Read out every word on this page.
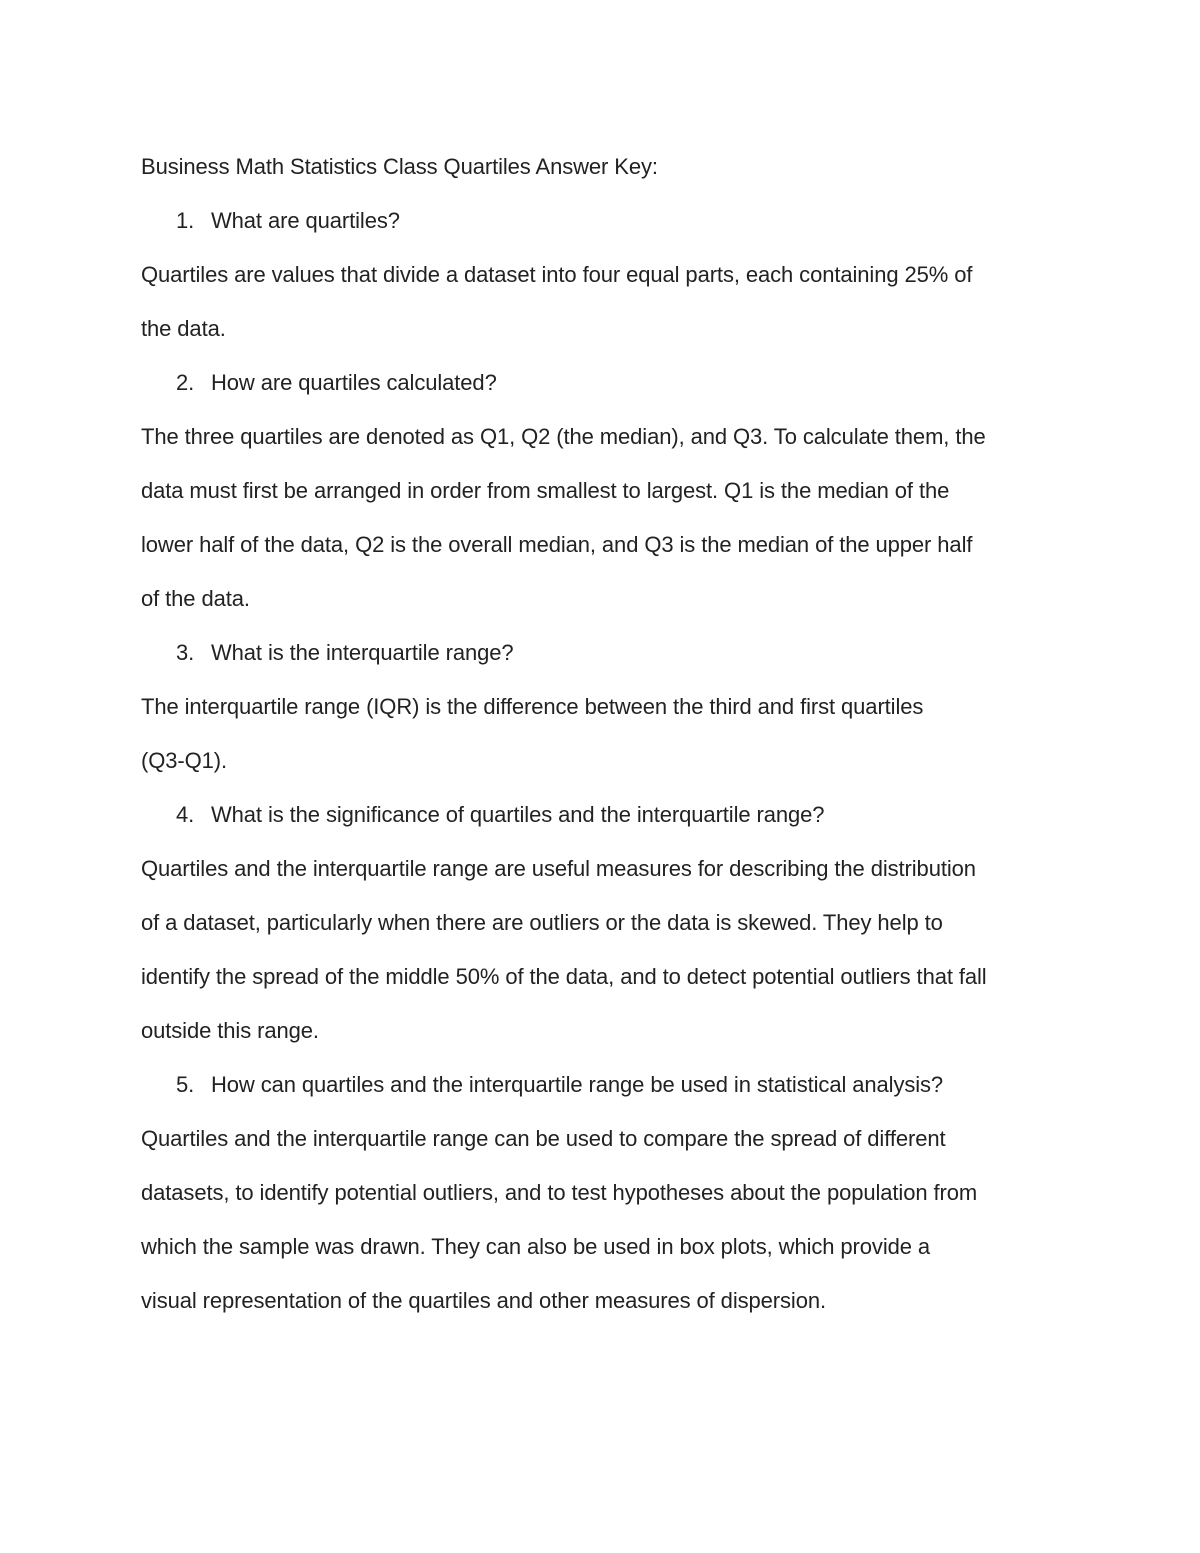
Business Math Statistics Class Quartiles Answer Key:
1. What are quartiles?
Quartiles are values that divide a dataset into four equal parts, each containing 25% of
the data.
2. How are quartiles calculated?
The three quartiles are denoted as Q1, Q2 (the median), and Q3. To calculate them, the
data must first be arranged in order from smallest to largest. Q1 is the median of the
lower half of the data, Q2 is the overall median, and Q3 is the median of the upper half
of the data.
3. What is the interquartile range?
The interquartile range (IQR) is the difference between the third and first quartiles
(Q3-Q1).
4. What is the significance of quartiles and the interquartile range?
Quartiles and the interquartile range are useful measures for describing the distribution
of a dataset, particularly when there are outliers or the data is skewed. They help to
identify the spread of the middle 50% of the data, and to detect potential outliers that fall
outside this range.
5. How can quartiles and the interquartile range be used in statistical analysis?
Quartiles and the interquartile range can be used to compare the spread of different
datasets, to identify potential outliers, and to test hypotheses about the population from
which the sample was drawn. They can also be used in box plots, which provide a
visual representation of the quartiles and other measures of dispersion.
